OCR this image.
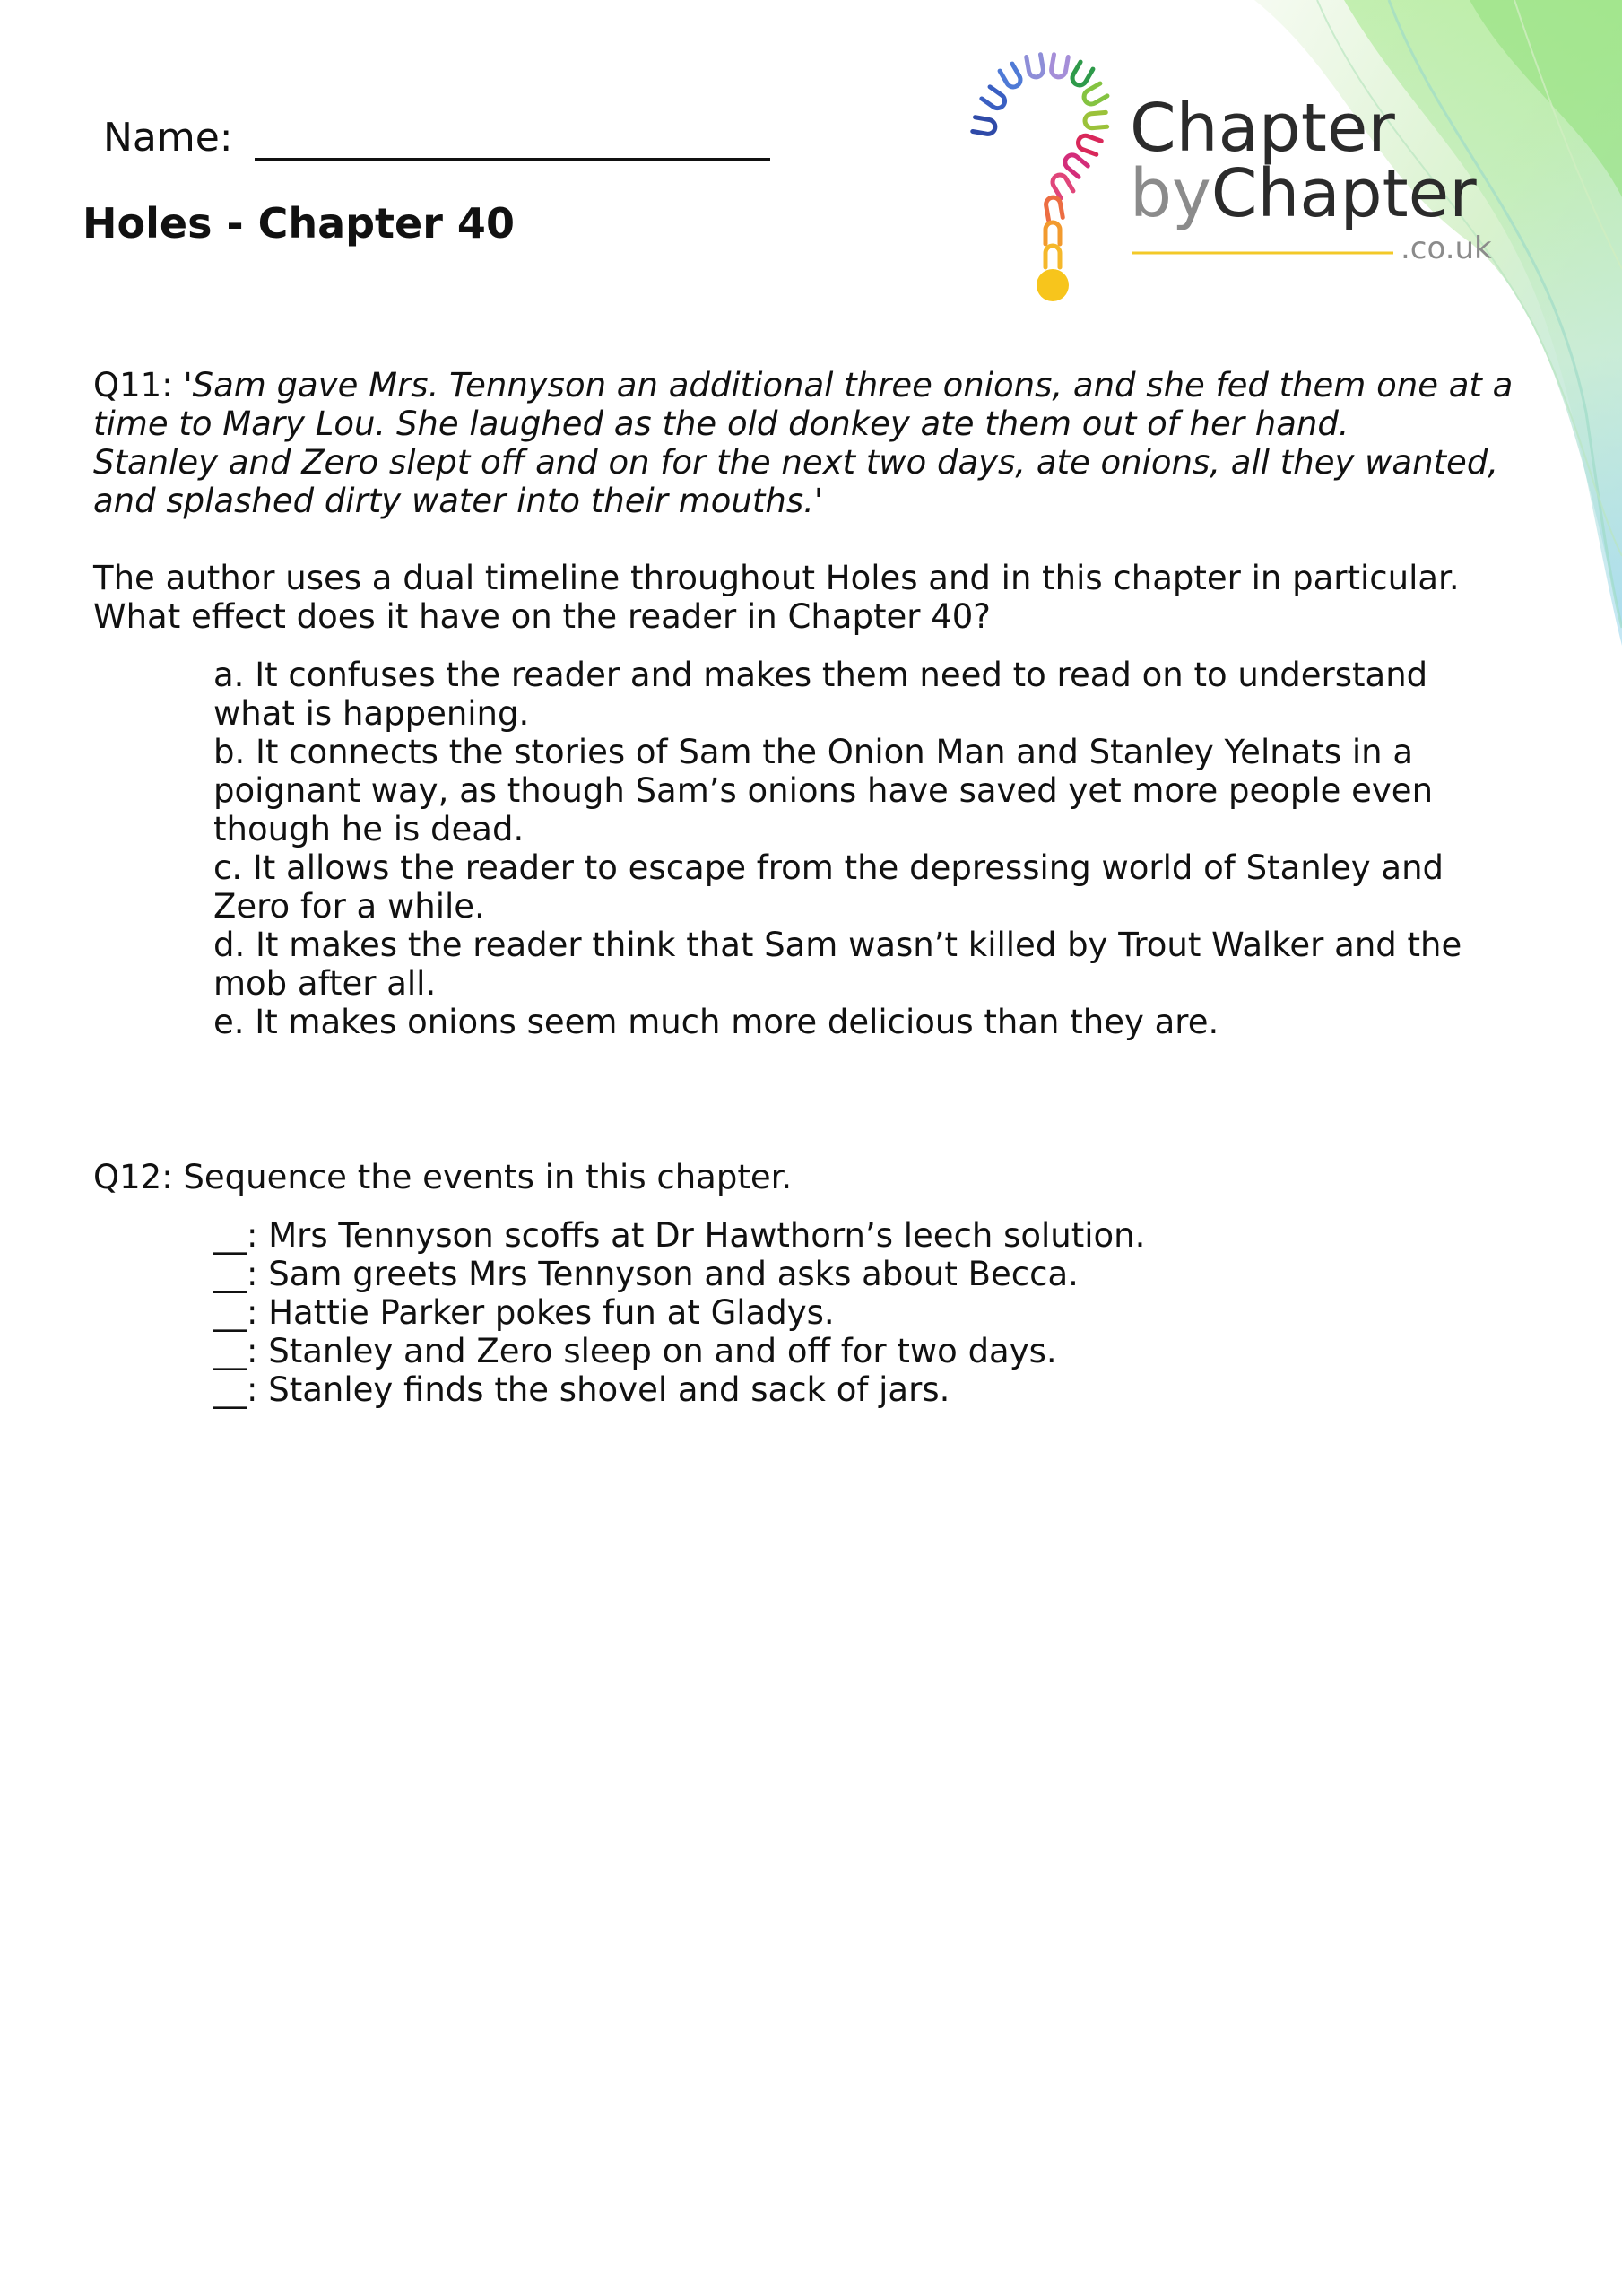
Chapter
byChapter
.co.uk
Name:
Holes - Chapter 40
Q11: 'Sam gave Mrs. Tennyson an additional three onions, and she fed them one at a
time to Mary Lou. She laughed as the old donkey ate them out of her hand.
Stanley and Zero slept off and on for the next two days, ate onions, all they wanted,
and splashed dirty water into their mouths.'
The author uses a dual timeline throughout Holes and in this chapter in particular.
What effect does it have on the reader in Chapter 40?

a. It confuses the reader and makes them need to read on to understand what is happening.

b. It connects the stories of Sam the Onion Man and Stanley Yelnats in a poignant way, as though Sam’s onions have saved yet more people even though he is dead.

c. It allows the reader to escape from the depressing world of Stanley and Zero for a while.

d. It makes the reader think that Sam wasn’t killed by Trout Walker and the mob after all.

e. It makes onions seem much more delicious than they are.

Q12: Sequence the events in this chapter.

__: Mrs Tennyson scoffs at Dr Hawthorn’s leech solution.

__: Sam greets Mrs Tennyson and asks about Becca.

__: Hattie Parker pokes fun at Gladys.

__: Stanley and Zero sleep on and off for two days.

__: Stanley finds the shovel and sack of jars.
